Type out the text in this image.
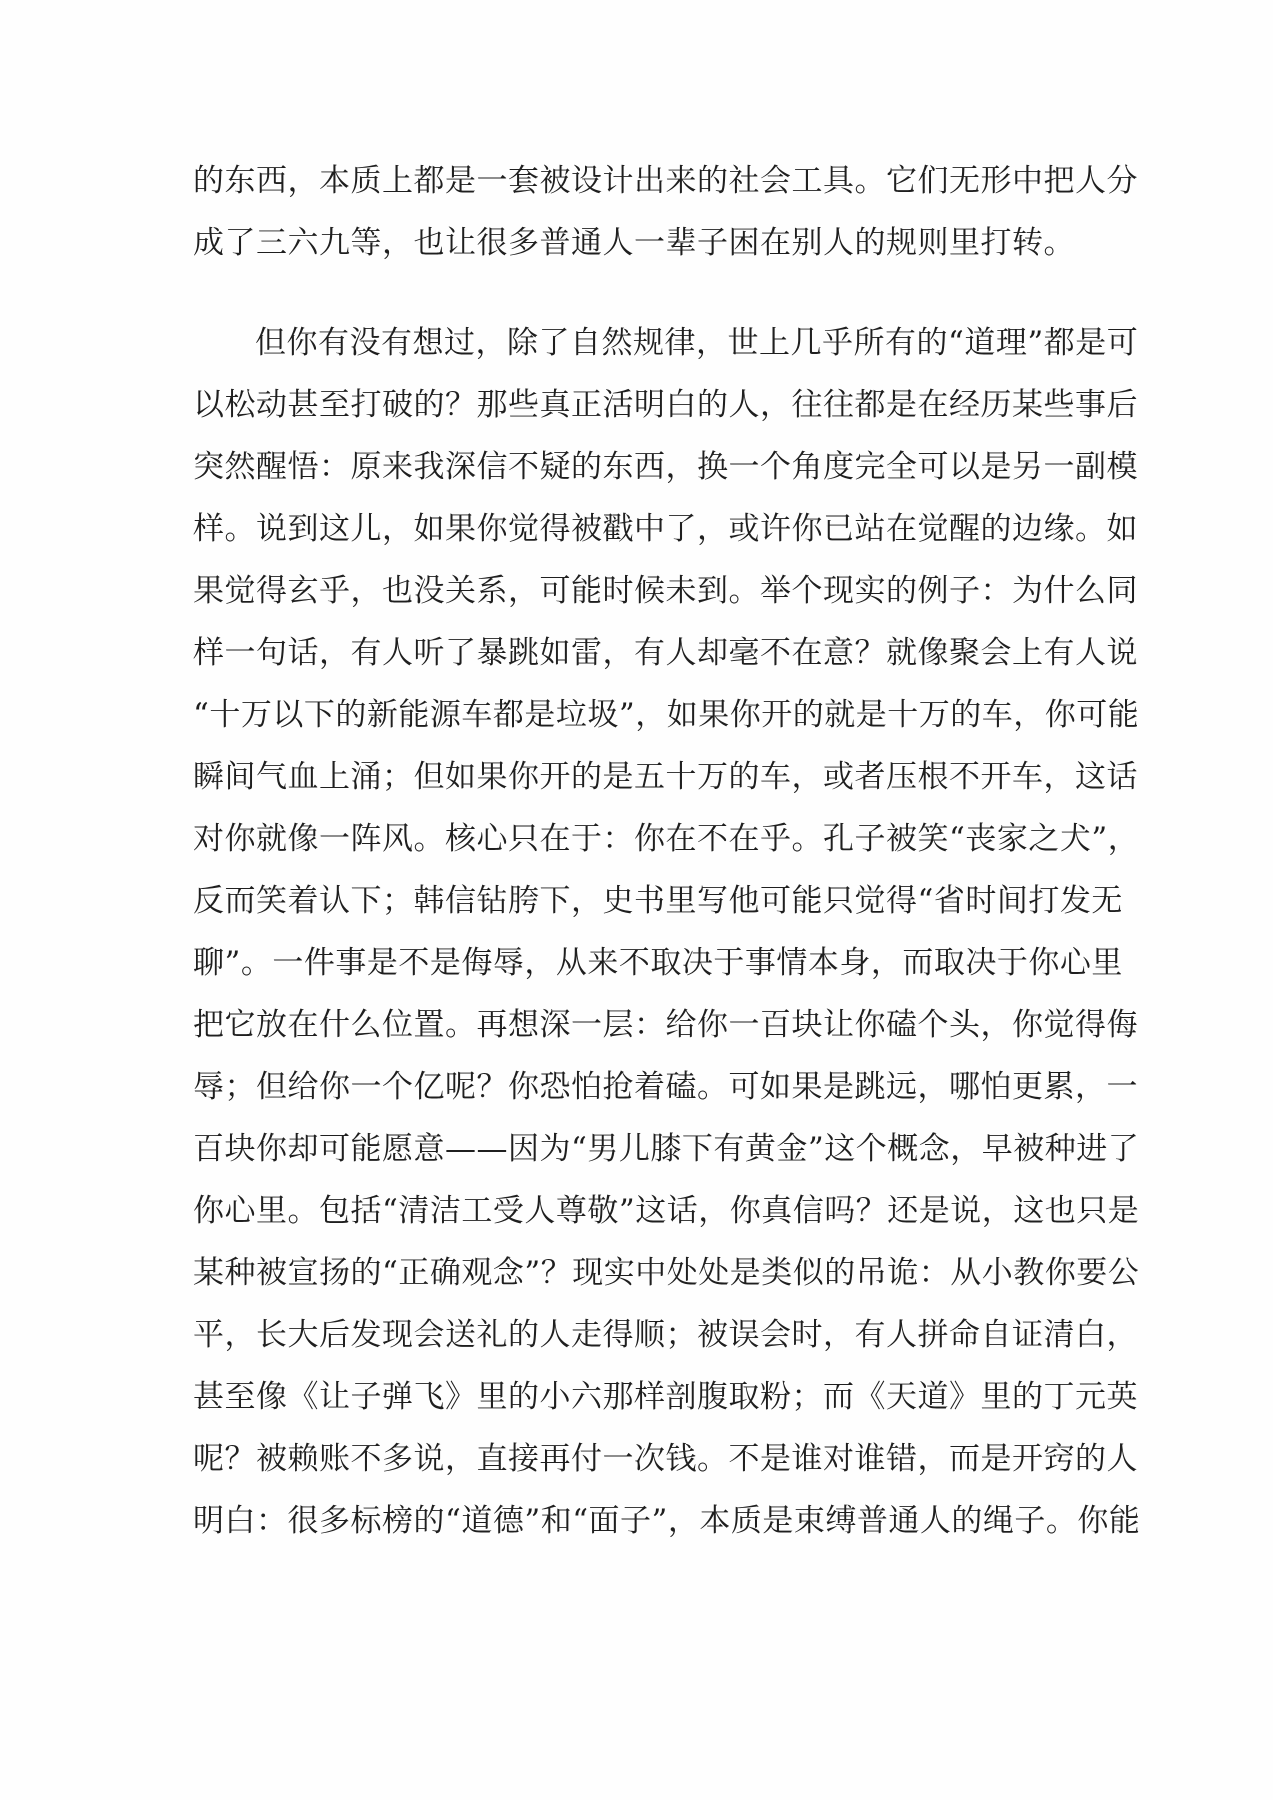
的东西，本质上都是一套被设计出来的社会工具。它们无形中把人分
成了三六九等，也让很多普通人一辈子困在别人的规则里打转。
但你有没有想过，除了自然规律，世上几乎所有的“道理”都是可
以松动甚至打破的？那些真正活明白的人，往往都是在经历某些事后
突然醒悟：原来我深信不疑的东西，换一个角度完全可以是另一副模
样。说到这儿，如果你觉得被戳中了，或许你已站在觉醒的边缘。如
果觉得玄乎，也没关系，可能时候未到。举个现实的例子：为什么同
样一句话，有人听了暴跳如雷，有人却毫不在意？就像聚会上有人说
“十万以下的新能源车都是垃圾”，如果你开的就是十万的车，你可能
瞬间气血上涌；但如果你开的是五十万的车，或者压根不开车，这话
对你就像一阵风。核心只在于：你在不在乎。孔子被笑“丧家之犬”，
反而笑着认下；韩信钻胯下，史书里写他可能只觉得“省时间打发无
聊”。一件事是不是侮辱，从来不取决于事情本身，而取决于你心里
把它放在什么位置。再想深一层：给你一百块让你磕个头，你觉得侮
辱；但给你一个亿呢？你恐怕抢着磕。可如果是跳远，哪怕更累，一
百块你却可能愿意——因为“男儿膝下有黄金”这个概念，早被种进了
你心里。包括“清洁工受人尊敬”这话，你真信吗？还是说，这也只是
某种被宣扬的“正确观念”？现实中处处是类似的吊诡：从小教你要公
平，长大后发现会送礼的人走得顺；被误会时，有人拼命自证清白，
甚至像《让子弹飞》里的小六那样剖腹取粉；而《天道》里的丁元英
呢？被赖账不多说，直接再付一次钱。不是谁对谁错，而是开窍的人
明白：很多标榜的“道德”和“面子”，本质是束缚普通人的绳子。你能
